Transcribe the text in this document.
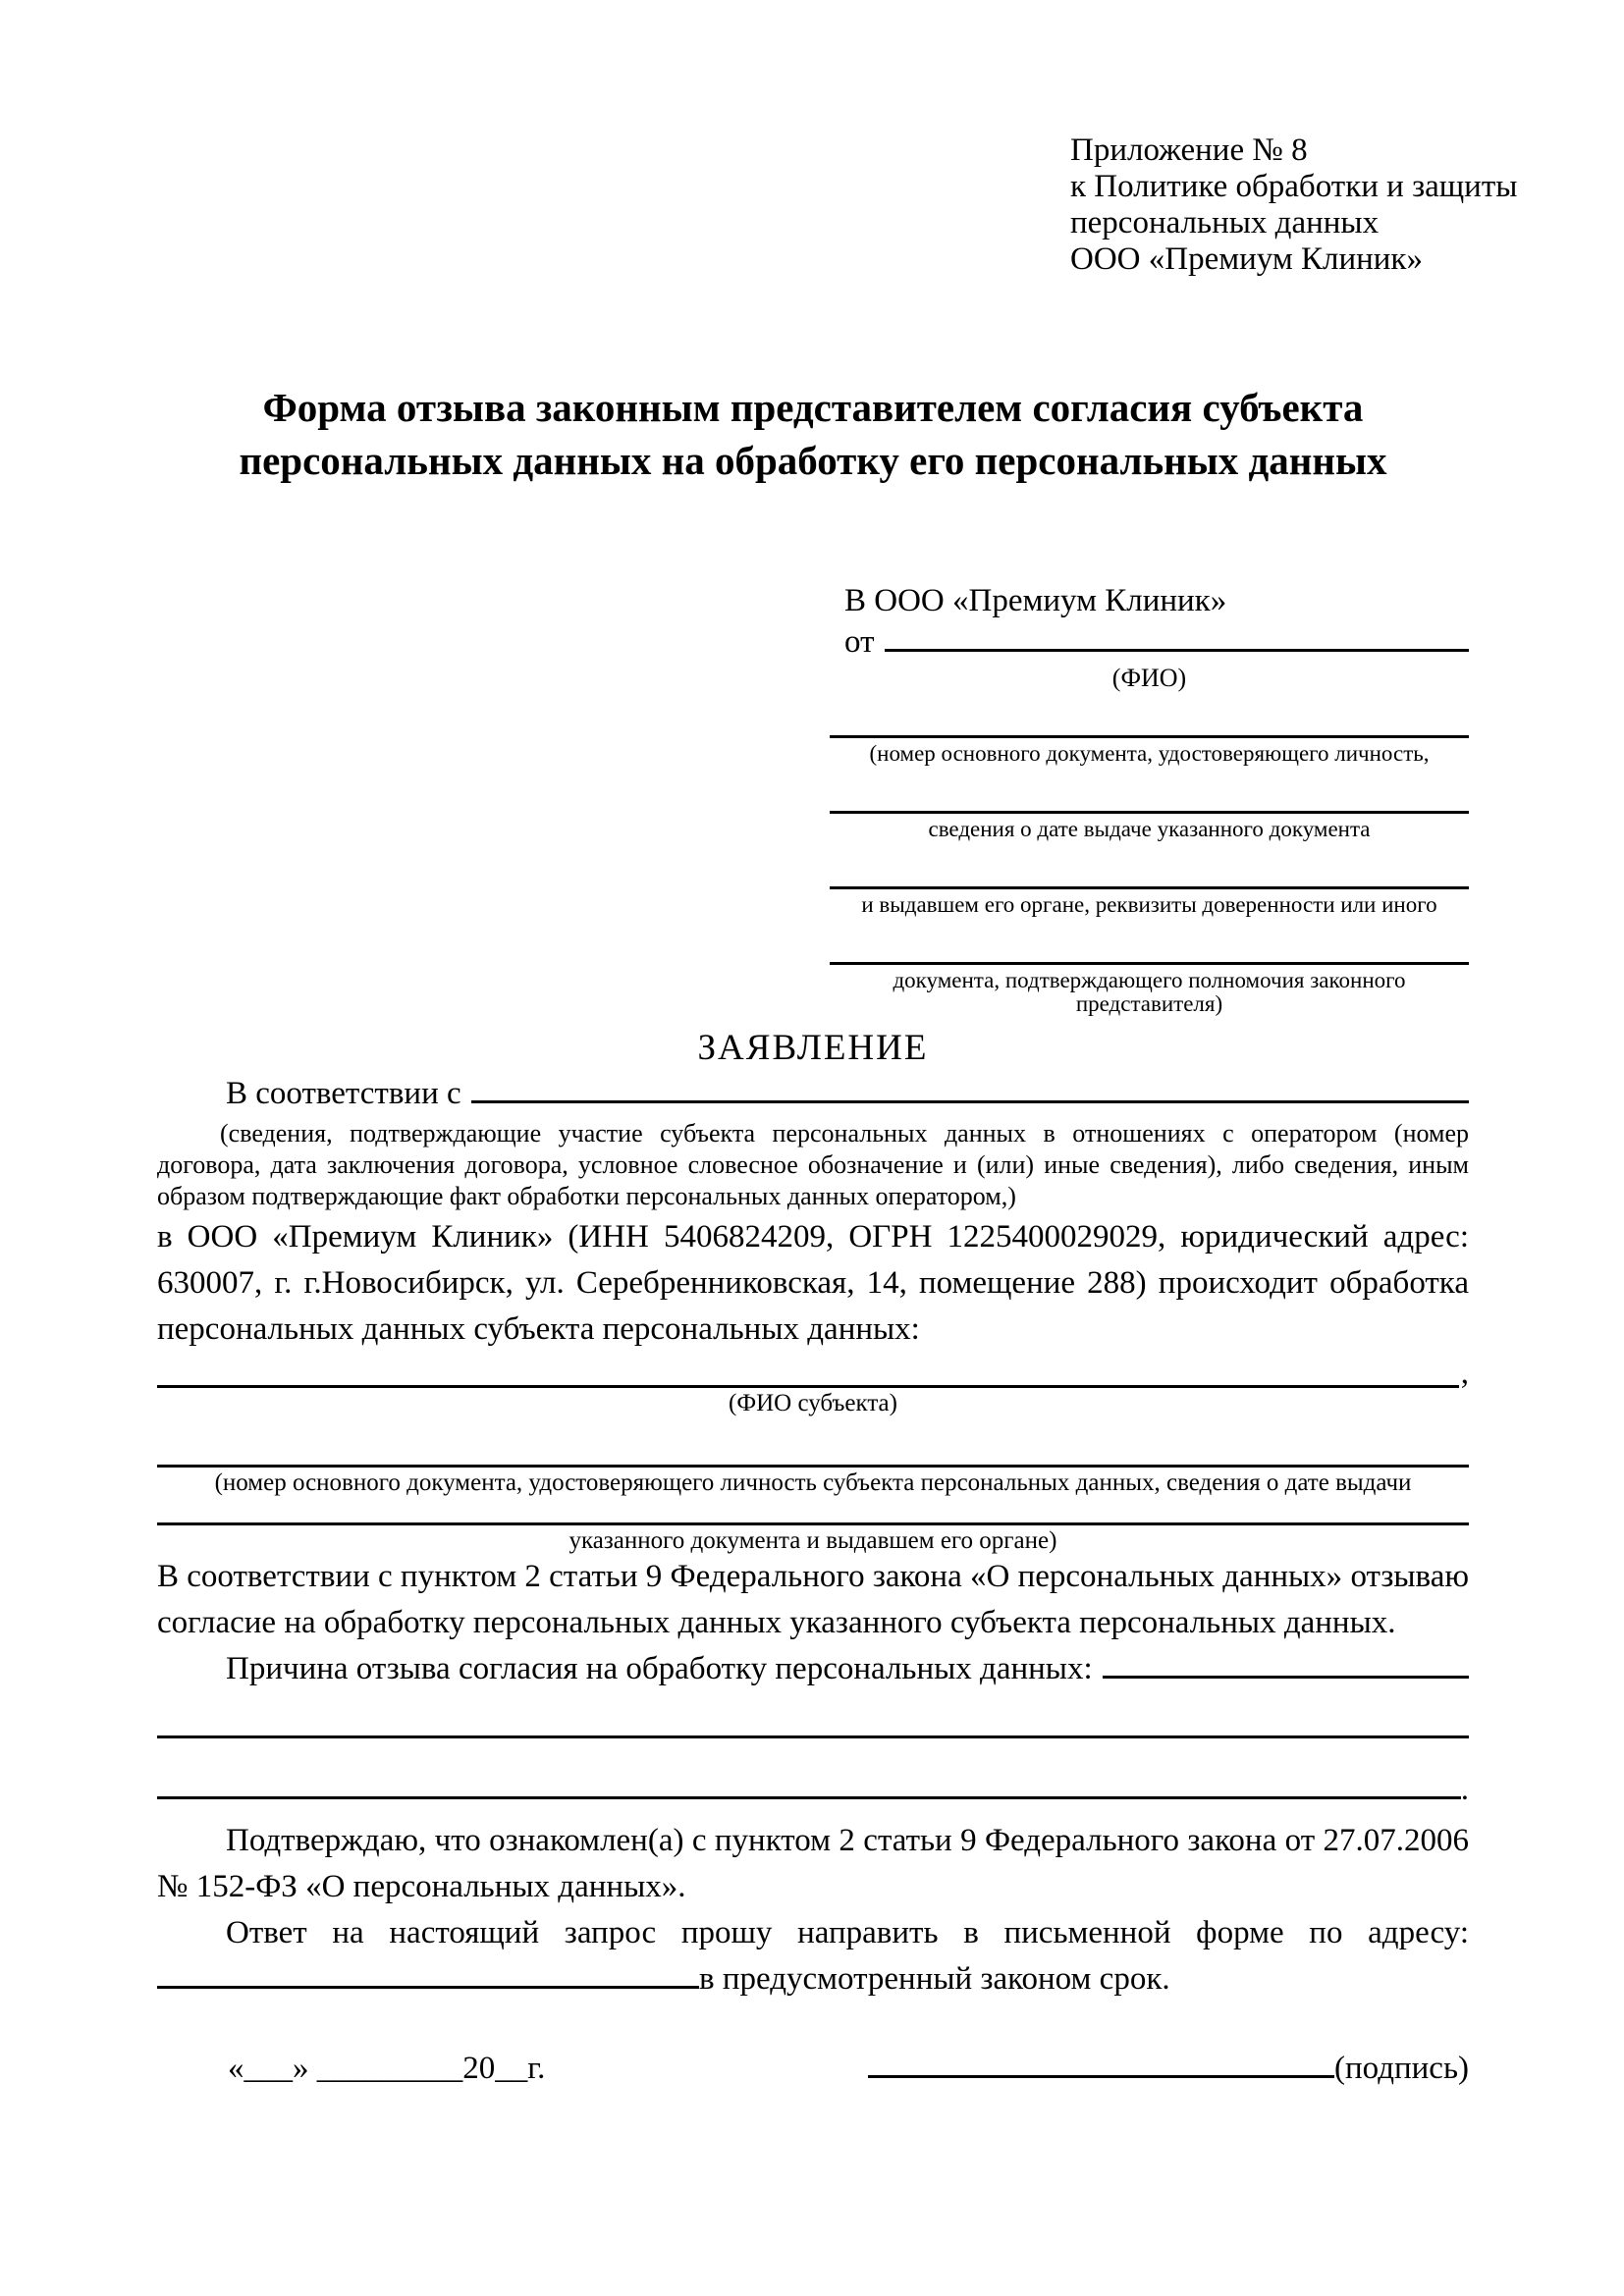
Приложение № 8
к Политике обработки и защиты
персональных данных
ООО «Премиум Клиник»
Форма отзыва законным представителем согласия субъекта персональных данных на обработку его персональных данных
В ООО «Премиум Клиник»
от
(ФИО)
(номер основного документа, удостоверяющего личность,
сведения о дате выдаче указанного документа
и выдавшем его органе, реквизиты доверенности или иного
документа, подтверждающего полномочия законного представителя)
ЗАЯВЛЕНИЕ
В соответствии с
(сведения, подтверждающие участие субъекта персональных данных в отношениях с оператором (номер договора, дата заключения договора, условное словесное обозначение и (или) иные сведения), либо сведения, иным образом подтверждающие факт обработки персональных данных оператором,)

в ООО «Премиум Клиник» (ИНН 5406824209, ОГРН 1225400029029, юридический адрес: 630007, г. г.Новосибирск, ул. Серебренниковская, 14, помещение 288) происходит обработка персональных данных субъекта персональных данных:

,
(ФИО субъекта)
(номер основного документа, удостоверяющего личность субъекта персональных данных, сведения о дате выдачи
указанного документа и выдавшем его органе)

В соответствии с пунктом 2 статьи 9 Федерального закона «О персональных данных» отзываю согласие на обработку персональных данных указанного субъекта персональных данных.

Причина отзыва согласия на обработку персональных данных:
.

Подтверждаю, что ознакомлен(а) с пунктом 2 статьи 9 Федерального закона от 27.07.2006 № 152-ФЗ «О персональных данных».

Ответ на настоящий запрос прошу направить в письменной форме по адресу: в предусмотренный законом срок.

«___» _________20__г.	(подпись)
